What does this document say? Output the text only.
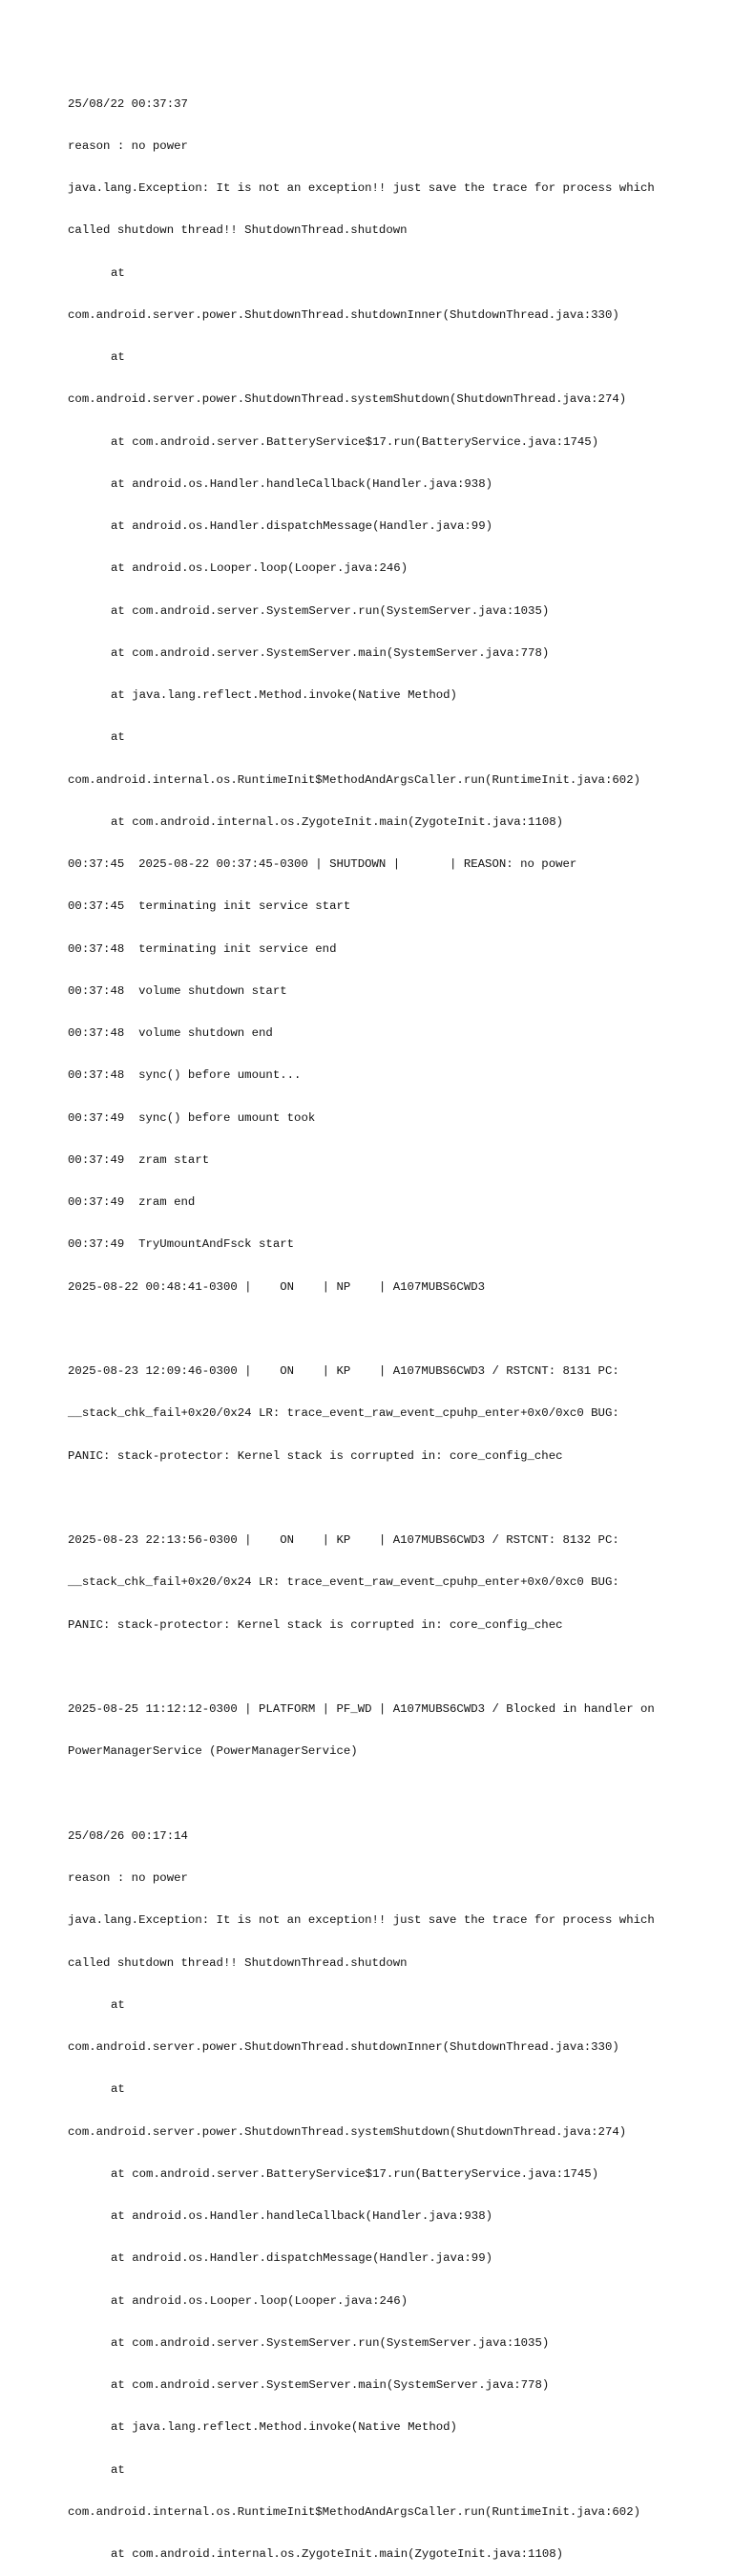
25/08/22 00:37:37

reason : no power

java.lang.Exception: It is not an exception!! just save the trace for process which

called shutdown thread!! ShutdownThread.shutdown

at

com.android.server.power.ShutdownThread.shutdownInner(ShutdownThread.java:330)

at

com.android.server.power.ShutdownThread.systemShutdown(ShutdownThread.java:274)

at com.android.server.BatteryService$17.run(BatteryService.java:1745)

at android.os.Handler.handleCallback(Handler.java:938)

at android.os.Handler.dispatchMessage(Handler.java:99)

at android.os.Looper.loop(Looper.java:246)

at com.android.server.SystemServer.run(SystemServer.java:1035)

at com.android.server.SystemServer.main(SystemServer.java:778)

at java.lang.reflect.Method.invoke(Native Method)

at

com.android.internal.os.RuntimeInit$MethodAndArgsCaller.run(RuntimeInit.java:602)

at com.android.internal.os.ZygoteInit.main(ZygoteInit.java:1108)

00:37:45  2025-08-22 00:37:45-0300 | SHUTDOWN |       | REASON: no power

00:37:45  terminating init service start

00:37:48  terminating init service end

00:37:48  volume shutdown start

00:37:48  volume shutdown end

00:37:48  sync() before umount...

00:37:49  sync() before umount took

00:37:49  zram start

00:37:49  zram end

00:37:49  TryUmountAndFsck start

2025-08-22 00:48:41-0300 |    ON    | NP    | A107MUBS6CWD3

2025-08-23 12:09:46-0300 |    ON    | KP    | A107MUBS6CWD3 / RSTCNT: 8131 PC:

__stack_chk_fail+0x20/0x24 LR: trace_event_raw_event_cpuhp_enter+0x0/0xc0 BUG:

PANIC: stack-protector: Kernel stack is corrupted in: core_config_chec

2025-08-23 22:13:56-0300 |    ON    | KP    | A107MUBS6CWD3 / RSTCNT: 8132 PC:

__stack_chk_fail+0x20/0x24 LR: trace_event_raw_event_cpuhp_enter+0x0/0xc0 BUG:

PANIC: stack-protector: Kernel stack is corrupted in: core_config_chec

2025-08-25 11:12:12-0300 | PLATFORM | PF_WD | A107MUBS6CWD3 / Blocked in handler on

PowerManagerService (PowerManagerService)

25/08/26 00:17:14

reason : no power

java.lang.Exception: It is not an exception!! just save the trace for process which

called shutdown thread!! ShutdownThread.shutdown

at

com.android.server.power.ShutdownThread.shutdownInner(ShutdownThread.java:330)

at

com.android.server.power.ShutdownThread.systemShutdown(ShutdownThread.java:274)

at com.android.server.BatteryService$17.run(BatteryService.java:1745)

at android.os.Handler.handleCallback(Handler.java:938)

at android.os.Handler.dispatchMessage(Handler.java:99)

at android.os.Looper.loop(Looper.java:246)

at com.android.server.SystemServer.run(SystemServer.java:1035)

at com.android.server.SystemServer.main(SystemServer.java:778)

at java.lang.reflect.Method.invoke(Native Method)

at

com.android.internal.os.RuntimeInit$MethodAndArgsCaller.run(RuntimeInit.java:602)

at com.android.internal.os.ZygoteInit.main(ZygoteInit.java:1108)
